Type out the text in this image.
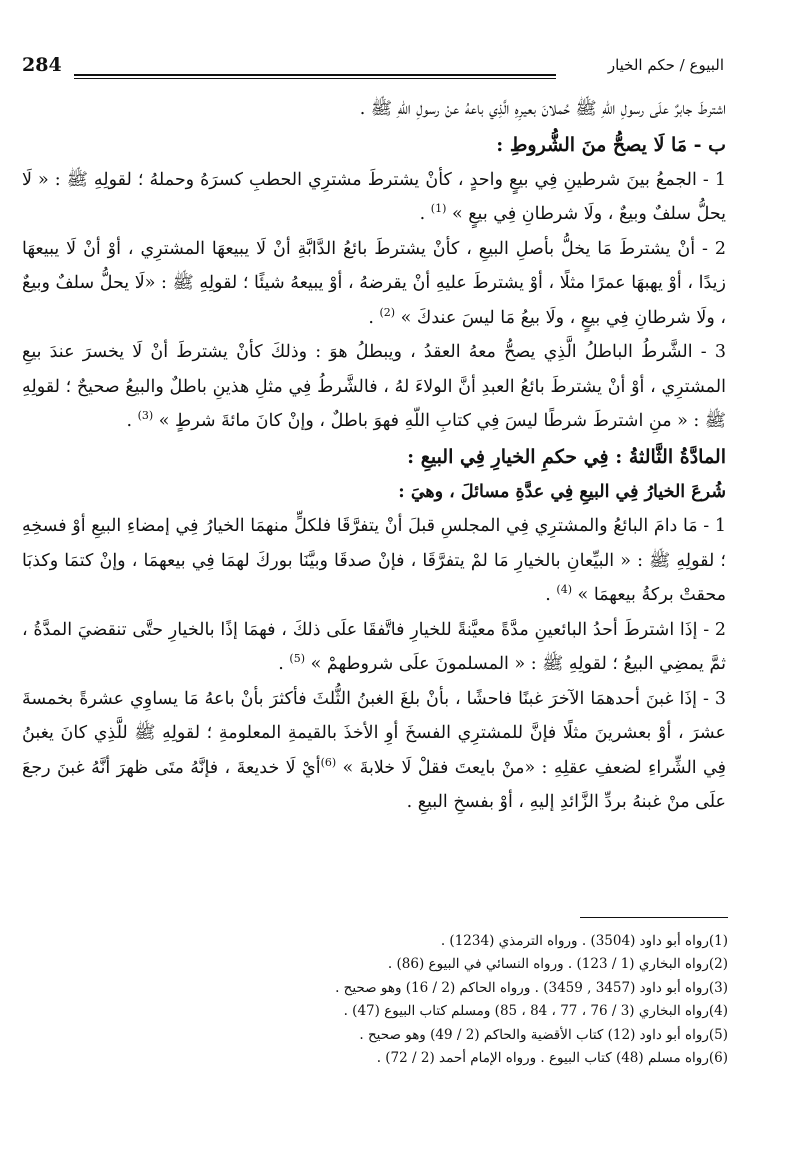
284	البيوع / حكم الخيار

اشترطَ جابرٌ علَى رسولِ اللّهِ ﷺ حُملانَ بعيرِهِ الَّذِي باعهُ عنْ رسولِ اللّهِ ﷺ .

ب - مَا لَا يصحُّ منَ الشُّروطِ :

1 - الجمعُ بينَ شرطينِ فِي بيعٍ واحدٍ ، كأنْ يشترطَ مشترِي الحطبِ كسرَهُ وحملهُ ؛ لقولِهِ ﷺ : « لَا يحلُّ سلفٌ وبيعٌ ، ولَا شرطانِ فِي بيعٍ » $^{(1)}$ .

2 - أنْ يشترطَ مَا يخلُّ بأصلِ البيعِ ، كأنْ يشترطَ بائعُ الدَّابَّةِ أنْ لَا يبيعهَا المشترِي ، أوْ أنْ لَا يبيعهَا زيدًا ، أوْ يهبهَا عمرًا مثلًا ، أوْ يشترطَ عليهِ أنْ يقرضهُ ، أوْ يبيعهُ شيئًا ؛ لقولِهِ ﷺ : «لَا يحلُّ سلفٌ وبيعٌ ، ولَا شرطانِ فِي بيعٍ ، ولَا بيعُ مَا ليسَ عندكَ » $^{(2)}$ .

3 - الشَّرطُ الباطلُ الَّذِي يصحُّ معهُ العقدُ ، ويبطلُ هوَ : وذلكَ كأنْ يشترطَ أنْ لَا يخسرَ عندَ بيعِ المشترِي ، أوْ أنْ يشترطَ بائعُ العبدِ أنَّ الولاءَ لهُ ، فالشَّرطُ فِي مثلِ هذينِ باطلٌ والبيعُ صحيحٌ ؛ لقولِهِ ﷺ : « منِ اشترطَ شرطًا ليسَ فِي كتابِ اللّهِ فهوَ باطلٌ ، وإنْ كانَ مائةَ شرطٍ » $^{(3)}$ .

المادَّةُ الثَّالثةُ : فِي حكمِ الخيارِ فِي البيعِ :

شُرعَ الخيارُ فِي البيعِ فِي عدَّةِ مسائلَ ، وهيَ :

1 - مَا دامَ البائعُ والمشترِي فِي المجلسِ قبلَ أنْ يتفرَّقَا فلكلٍّ منهمَا الخيارُ فِي إمضاءِ البيعِ أوْ فسخِهِ ؛ لقولِهِ ﷺ : « البيِّعانِ بالخيارِ مَا لمْ يتفرَّقَا ، فإنْ صدقَا وبيَّنَا بوركَ لهمَا فِي بيعهمَا ، وإنْ كتمَا وكذبَا محقتْ بركةُ بيعهمَا » $^{(4)}$ .

2 - إذَا اشترطَ أحدُ البائعينِ مدَّةً معيَّنةً للخيارِ فاتَّفقَا علَى ذلكَ ، فهمَا إذًا بالخيارِ حتَّى تنقضيَ المدَّةُ ، ثمَّ يمضِي البيعُ ؛ لقولِهِ ﷺ : « المسلمونَ علَى شروطهمْ » $^{(5)}$ .

3 - إذَا غبنَ أحدهمَا الآخرَ غبنًا فاحشًا ، بأنْ بلغَ الغبنُ الثُّلثَ فأكثرَ بأنْ باعهُ مَا يساوِي عشرةً بخمسةَ عشرَ ، أوْ بعشرينَ مثلًا فإنَّ للمشترِي الفسخَ أوِ الأخذَ بالقيمةِ المعلومةِ ؛ لقولِهِ ﷺ للَّذِي كانَ يغبنُ فِي الشِّراءِ لضعفِ عقلِهِ : «منْ بايعتَ فقلْ لَا خلابةَ » $^{(6)}$أيْ لَا خديعةَ ، فإنَّهُ متَى ظهرَ أنَّهُ غبنَ رجعَ علَى منْ غبنهُ بردِّ الزَّائدِ إليهِ ، أوْ بفسخِ البيعِ .

(1)رواه أبو داود (3504) . ورواه الترمذي (1234) .

(2)رواه البخاري (1 / 123) . ورواه النسائي في البيوع (86) .

(3)رواه أبو داود (3457 , 3459) . ورواه الحاكم (2 / 16) وهو صحيح .

(4)رواه البخاري (3 / 76 ، 77 ، 84 ، 85) ومسلم كتاب البيوع (47) .

(5)رواه أبو داود (12) كتاب الأقضية والحاكم (2 / 49) وهو صحيح .

(6)رواه مسلم (48) كتاب البيوع . ورواه الإمام أحمد (2 / 72) .
